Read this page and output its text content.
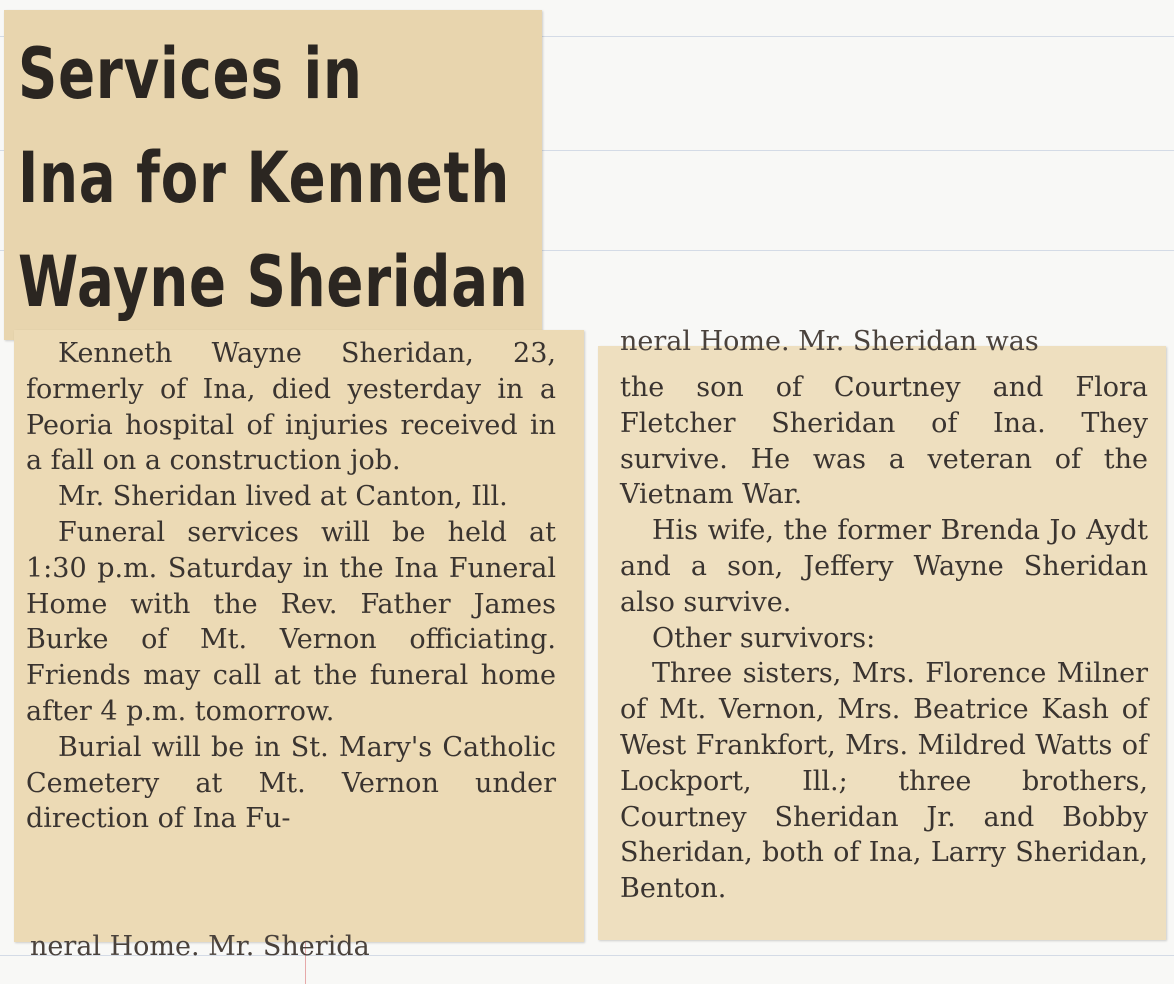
Services in
Ina for Kenneth
Wayne Sheridan

Kenneth Wayne Sheridan, 23, formerly of Ina, died yesterday in a Peoria hospital of injuries received in a fall on a construction job.

Mr. Sheridan lived at Canton, Ill.

Funeral services will be held at 1:30 p.m. Saturday in the Ina Funeral Home with the Rev. Father James Burke of Mt. Vernon officiating. Friends may call at the funeral home after 4 p.m. tomorrow.

Burial will be in St. Mary's Catholic Cemetery at Mt. Vernon under direction of Ina Fu-

neral Home. Mr. Sherida
neral Home. Mr. Sheridan was

the son of Courtney and Flora Fletcher Sheridan of Ina. They survive. He was a veteran of the Vietnam War.

His wife, the former Brenda Jo Aydt and a son, Jeffery Wayne Sheridan also survive.

Other survivors:

Three sisters, Mrs. Florence Milner of Mt. Vernon, Mrs. Beatrice Kash of West Frankfort, Mrs. Mildred Watts of Lockport, Ill.; three brothers, Courtney Sheridan Jr. and Bobby Sheridan, both of Ina, Larry Sheridan, Benton.
